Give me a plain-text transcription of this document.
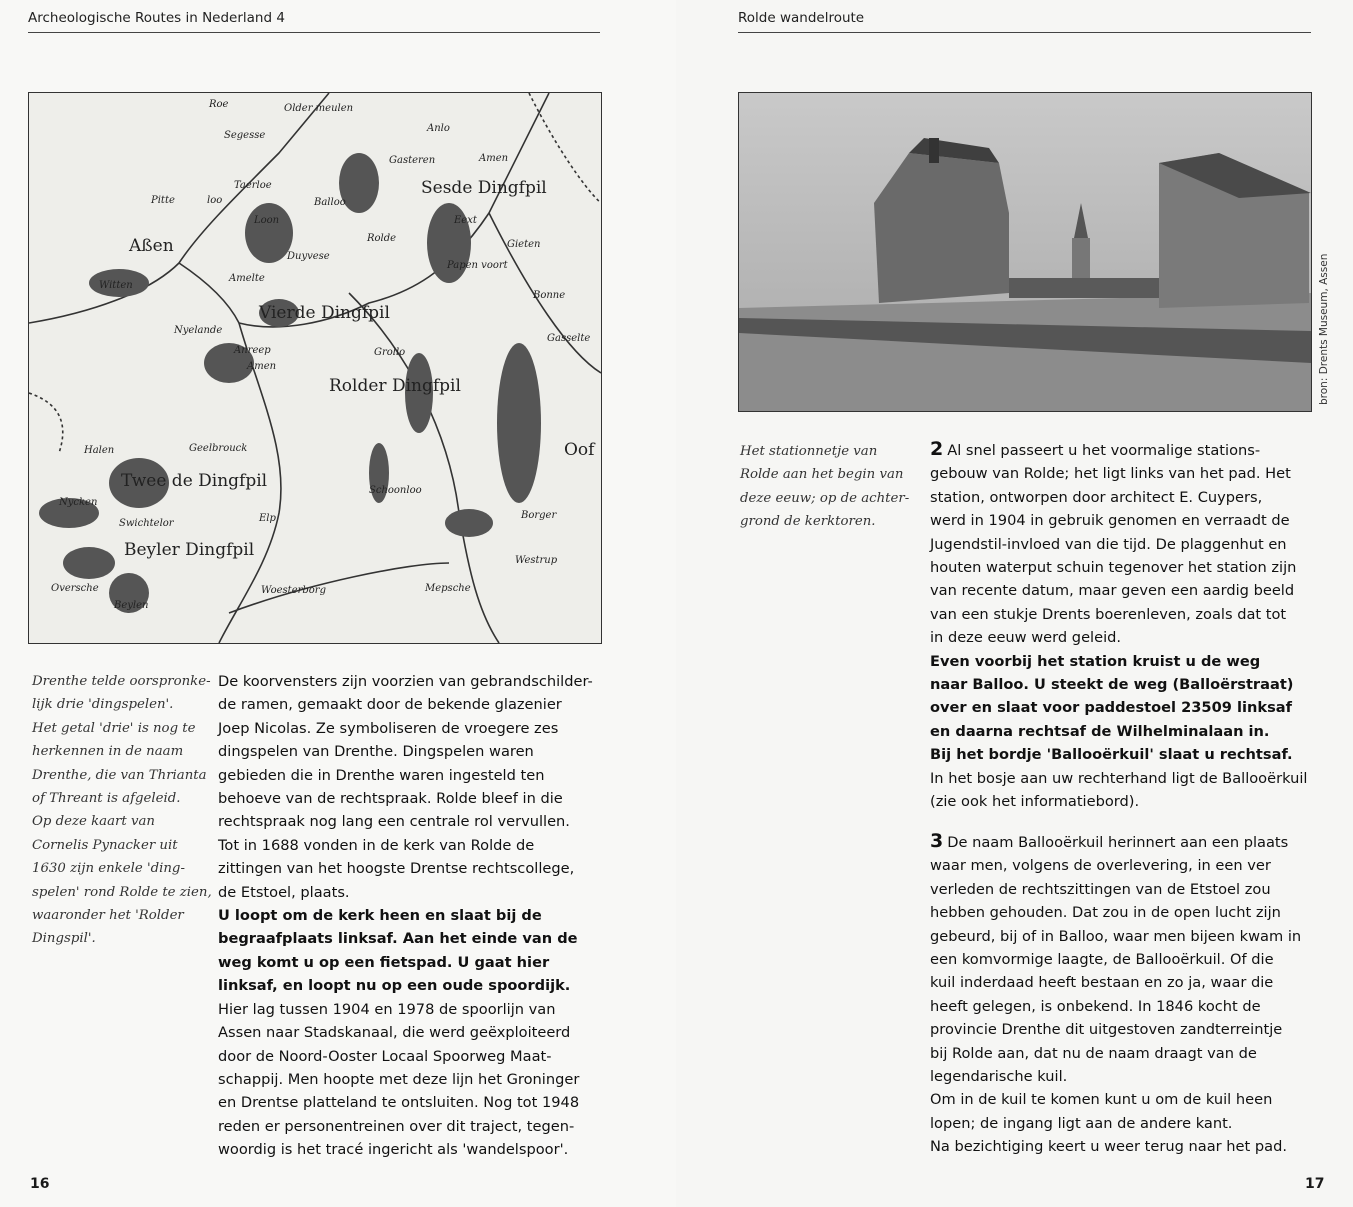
Archeologische Routes in Nederland 4
Roe	Older meulen
Segesse
Anlo
Amen
Gasteren
Taerloe
Balloo
Sesde Dingfpil
Pitte	loo
Loon
Aßen	Rolde
Eext
Gieten
Witten
Papen voort
Amelte
Duyvese
Bonne
Vierde Dingfpil
Nyelande
Grollo
Gasselte
Anreep
Amen
Rolder Dingfpil
Halen	Geelbrouck	Oof
Twee de Dingfpil	Schoonloo
Nycken
Swichtelor	Elp	Borger
Beyler Dingfpil
Westrup
Oversche	Woesterborg	Mepsche
Beylen
Drenthe telde oorspronke-
lijk drie 'dingspelen'.
Het getal 'drie' is nog te
herkennen in de naam
Drenthe, die van Thrianta
of Threant is afgeleid.
Op deze kaart van
Cornelis Pynacker uit
1630 zijn enkele 'ding-
spelen' rond Rolde te zien,
waaronder het 'Rolder
Dingspil'.
De koorvensters zijn voorzien van gebrandschilder-
de ramen, gemaakt door de bekende glazenier
Joep Nicolas. Ze symboliseren de vroegere zes
dingspelen van Drenthe. Dingspelen waren
gebieden die in Drenthe waren ingesteld ten
behoeve van de rechtspraak. Rolde bleef in die
rechtspraak nog lang een centrale rol vervullen.
Tot in 1688 vonden in de kerk van Rolde de
zittingen van het hoogste Drentse rechtscollege,
de Etstoel, plaats.
U loopt om de kerk heen en slaat bij de
begraafplaats linksaf. Aan het einde van de
weg komt u op een fietspad. U gaat hier
linksaf, en loopt nu op een oude spoordijk.
Hier lag tussen 1904 en 1978 de spoorlijn van
Assen naar Stadskanaal, die werd geëxploiteerd
door de Noord-Ooster Locaal Spoorweg Maat-
schappij. Men hoopte met deze lijn het Groninger
en Drentse platteland te ontsluiten. Nog tot 1948
reden er personentreinen over dit traject, tegen-
woordig is het tracé ingericht als 'wandelspoor'.
16
Rolde wandelroute
bron: Drents Museum, Assen
Het stationnetje van
Rolde aan het begin van
deze eeuw; op de achter-
grond de kerktoren.
2 Al snel passeert u het voormalige stations-
gebouw van Rolde; het ligt links van het pad. Het
station, ontworpen door architect E. Cuypers,
werd in 1904 in gebruik genomen en verraadt de
Jugendstil-invloed van die tijd. De plaggenhut en
houten waterput schuin tegenover het station zijn
van recente datum, maar geven een aardig beeld
van een stukje Drents boerenleven, zoals dat tot
in deze eeuw werd geleid.
Even voorbij het station kruist u de weg
naar Balloo. U steekt de weg (Balloërstraat)
over en slaat voor paddestoel 23509 linksaf
en daarna rechtsaf de Wilhelminalaan in.
Bij het bordje 'Ballooërkuil' slaat u rechtsaf.
In het bosje aan uw rechterhand ligt de Ballooërkuil
(zie ook het informatiebord).
3 De naam Ballooërkuil herinnert aan een plaats
waar men, volgens de overlevering, in een ver
verleden de rechtszittingen van de Etstoel zou
hebben gehouden. Dat zou in de open lucht zijn
gebeurd, bij of in Balloo, waar men bijeen kwam in
een komvormige laagte, de Ballooërkuil. Of die
kuil inderdaad heeft bestaan en zo ja, waar die
heeft gelegen, is onbekend. In 1846 kocht de
provincie Drenthe dit uitgestoven zandterreintje
bij Rolde aan, dat nu de naam draagt van de
legendarische kuil.
Om in de kuil te komen kunt u om de kuil heen
lopen; de ingang ligt aan de andere kant.
Na bezichtiging keert u weer terug naar het pad.
17
